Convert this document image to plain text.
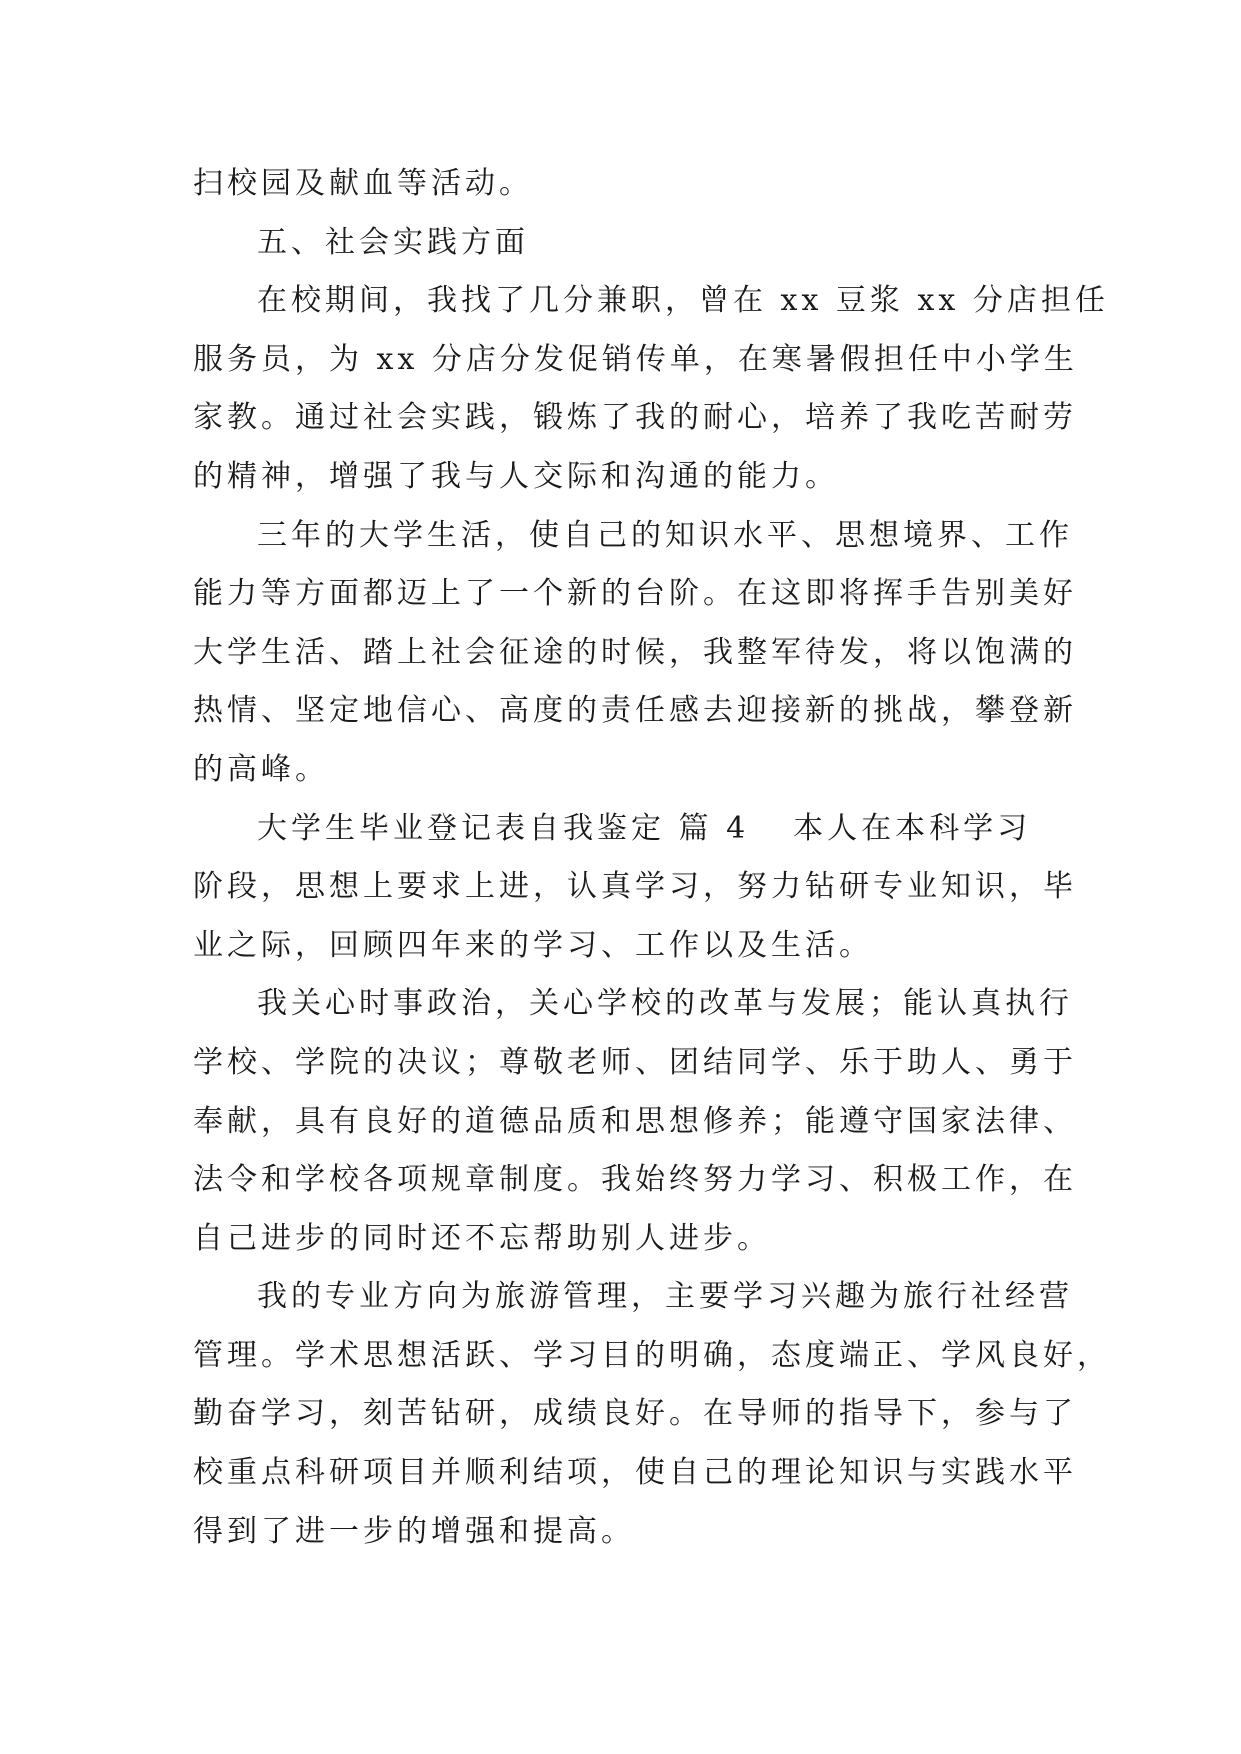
扫校园及献血等活动。
五、社会实践方面
在校期间，我找了几分兼职，曾在 xx 豆浆 xx 分店担任
服务员，为 xx 分店分发促销传单，在寒暑假担任中小学生
家教。通过社会实践，锻炼了我的耐心，培养了我吃苦耐劳
的精神，增强了我与人交际和沟通的能力。
三年的大学生活，使自己的知识水平、思想境界、工作
能力等方面都迈上了一个新的台阶。在这即将挥手告别美好
大学生活、踏上社会征途的时候，我整军待发，将以饱满的
热情、坚定地信心、高度的责任感去迎接新的挑战，攀登新
的高峰。
大学生毕业登记表自我鉴定 篇 4 本人在本科学习
阶段，思想上要求上进，认真学习，努力钻研专业知识，毕
业之际，回顾四年来的学习、工作以及生活。
我关心时事政治，关心学校的改革与发展；能认真执行
学校、学院的决议；尊敬老师、团结同学、乐于助人、勇于
奉献，具有良好的道德品质和思想修养；能遵守国家法律、
法令和学校各项规章制度。我始终努力学习、积极工作，在
自己进步的同时还不忘帮助别人进步。
我的专业方向为旅游管理，主要学习兴趣为旅行社经营
管理。学术思想活跃、学习目的明确，态度端正、学风良好，
勤奋学习，刻苦钻研，成绩良好。在导师的指导下，参与了
校重点科研项目并顺利结项，使自己的理论知识与实践水平
得到了进一步的增强和提高。
